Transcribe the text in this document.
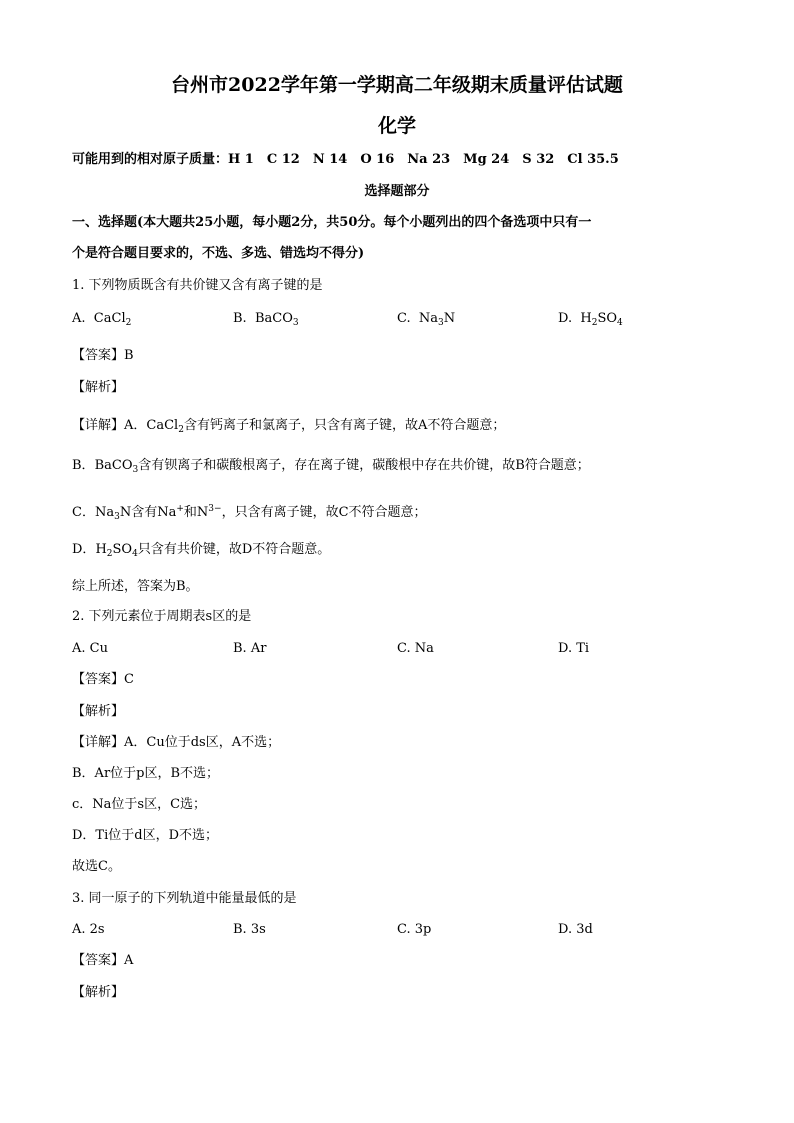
台州市2022学年第一学期高二年级期末质量评估试题
化学
可能用到的相对原子质量：H 1　C 12　N 14　O 16　Na 23　Mg 24　S 32　Cl 35.5
选择题部分
一、选择题(本大题共25小题，每小题2分，共50分。每个小题列出的四个备选项中只有一
个是符合题目要求的，不选、多选、错选均不得分)
1. 下列物质既含有共价键又含有离子键的是
A. CaCl$_2$	B. BaCO$_3$	C. $Na_3N$	D. $H_2SO_4$
【答案】B
【解析】
【详解】A．CaCl$_2$含有钙离子和氯离子，只含有离子键，故A不符合题意；
B．BaCO$_3$含有钡离子和碳酸根离子，存在离子键，碳酸根中存在共价键，故B符合题意；
C．$Na_3N$含有Na+和$N^{3-}$，只含有离子键，故C不符合题意；
D．$H_2SO_4$只含有共价键，故D不符合题意。
综上所述，答案为B。
2. 下列元素位于周期表s区的是
A. Cu	B. Ar	C. Na	D. Ti
【答案】C
【解析】
【详解】A．Cu位于ds区，A不选；
B．Ar位于p区，B不选；
c．Na位于s区，C选；
D．Ti位于d区，D不选；
故选C。
3. 同一原子的下列轨道中能量最低的是
A. 2s	B. 3s	C. 3p	D. 3d
【答案】A
【解析】
